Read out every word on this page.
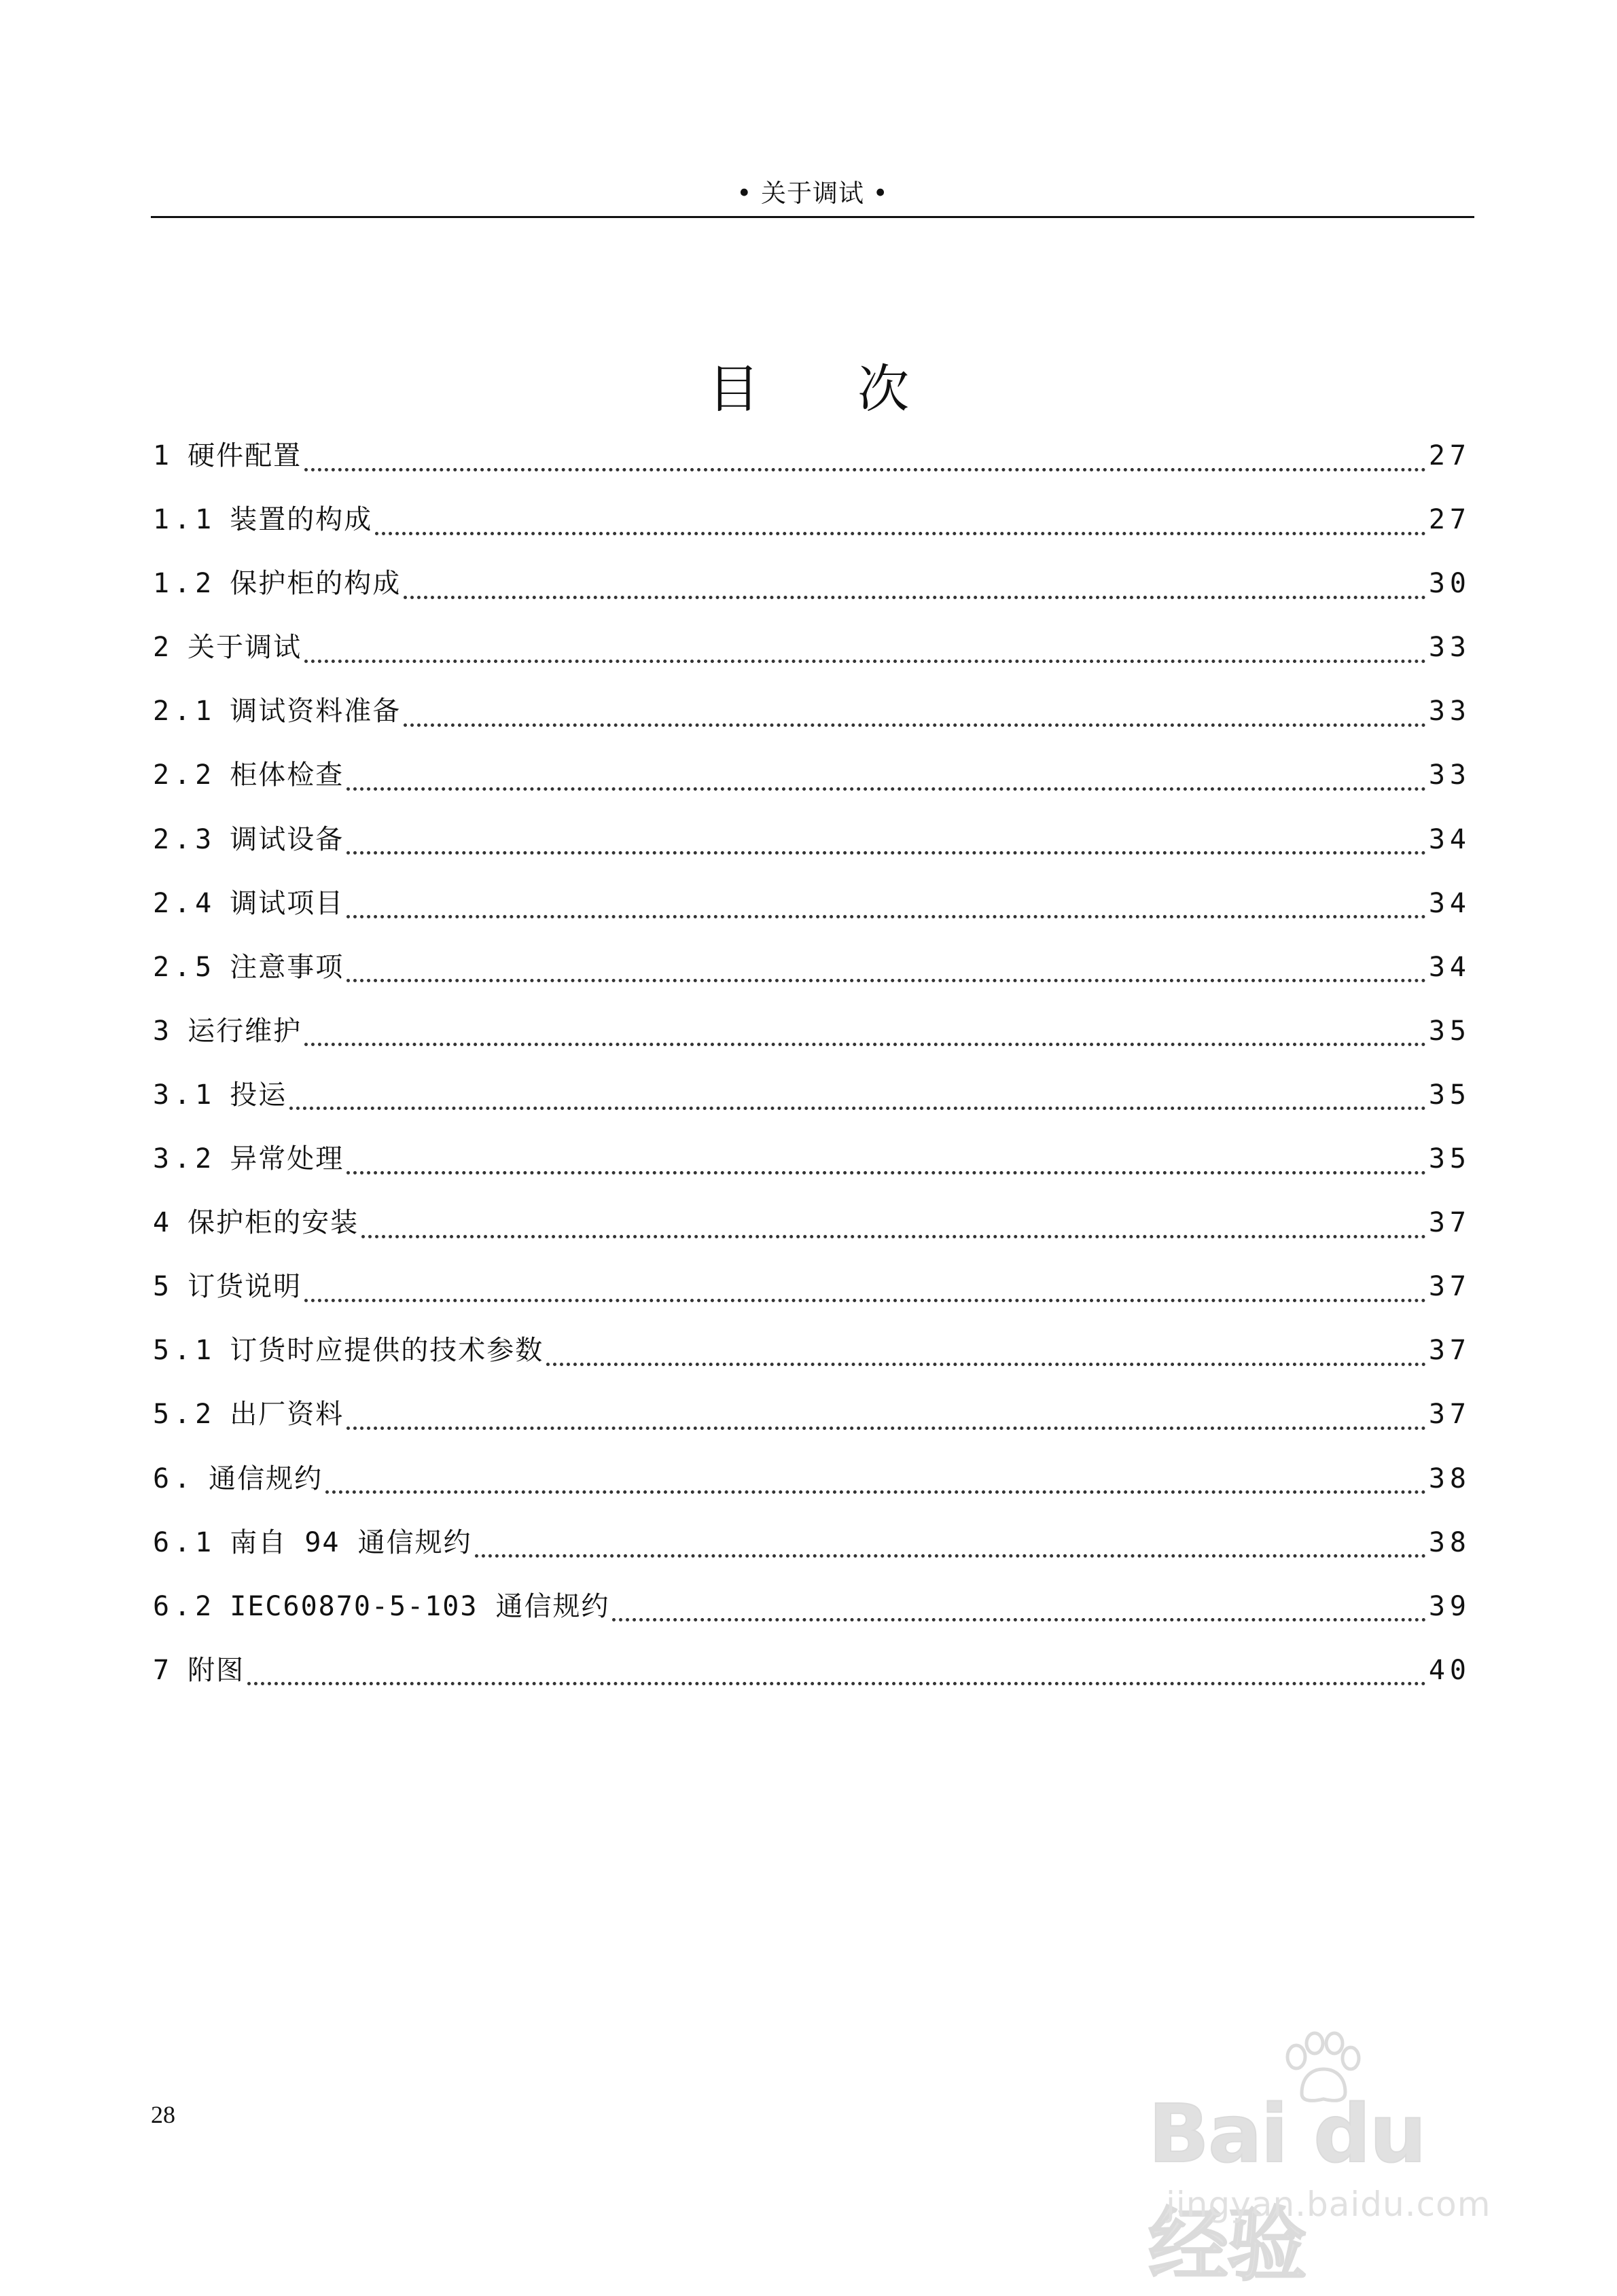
• 关于调试 •
目 次
1 硬件配置	27
1.1 装置的构成	27
1.2 保护柜的构成	30
2 关于调试	33
2.1 调试资料准备	33
2.2 柜体检查	33
2.3 调试设备	34
2.4 调试项目	34
2.5 注意事项	34
3 运行维护	35
3.1 投运	35
3.2 异常处理	35
4 保护柜的安装	37
5 订货说明	37
5.1 订货时应提供的技术参数	37
5.2 出厂资料	37
6. 通信规约	38
6.1 南自 94 通信规约	38
6.2 IEC60870-5-103 通信规约	39
7 附图	40
28	Bai du 经验
jingyan.baidu.com
